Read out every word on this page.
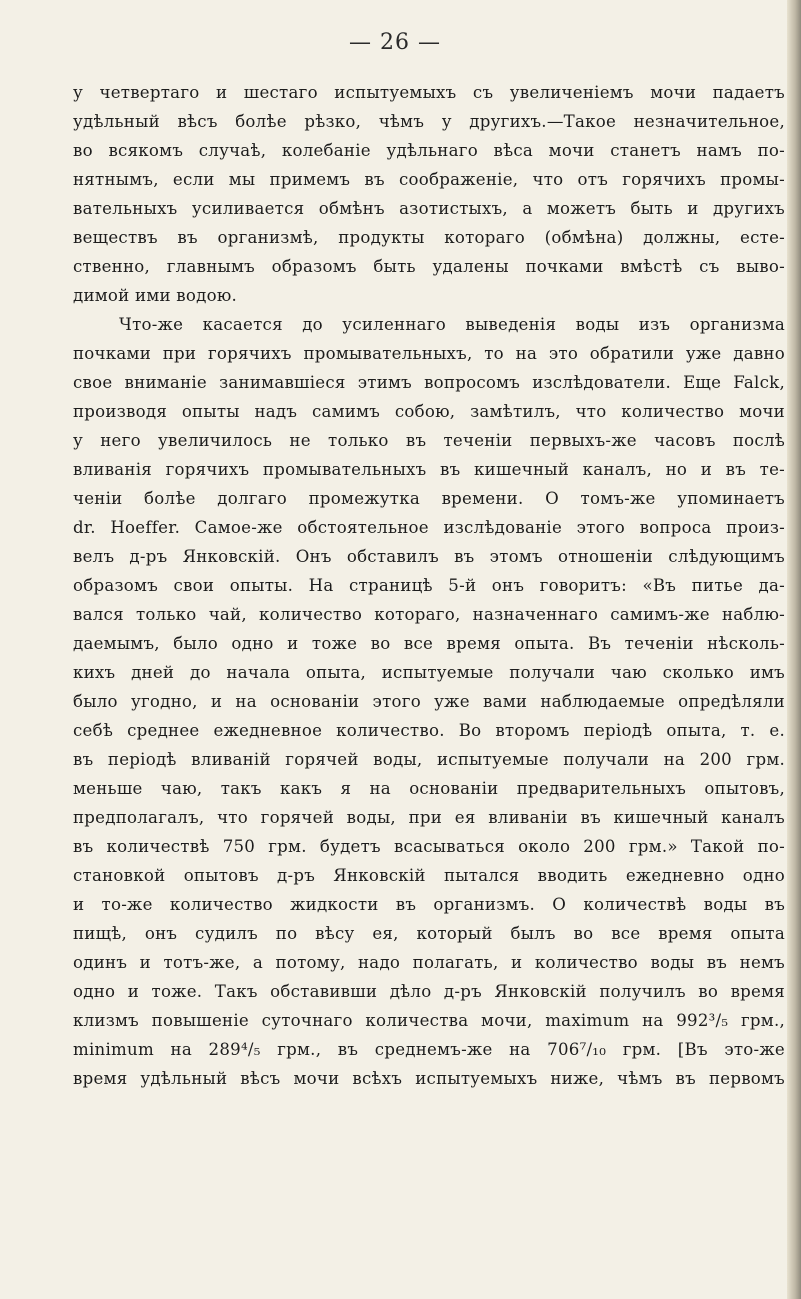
— 26 —
у четвертаго и шестаго испытуемыхъ съ увеличеніемъ мочи падаетъ
удѣльный вѣсъ болѣе рѣзко, чѣмъ у другихъ.—Такое незначительное,
во всякомъ случаѣ, колебаніе удѣльнаго вѣса мочи станетъ намъ по-
нятнымъ, если мы примемъ въ соображеніе, что отъ горячихъ промы-
вательныхъ усиливается обмѣнъ азотистыхъ, а можетъ быть и другихъ
веществъ въ организмѣ, продукты котораго (обмѣна) должны, есте-
ственно, главнымъ образомъ быть удалены почками вмѣстѣ съ выво-
димой ими водою.
Что-же касается до усиленнаго выведенія воды изъ организма
почками при горячихъ промывательныхъ, то на это обратили уже давно
свое вниманіе занимавшіеся этимъ вопросомъ изслѣдователи. Еще Falck,
производя опыты надъ самимъ собою, замѣтилъ, что количество мочи
у него увеличилось не только въ теченіи первыхъ-же часовъ послѣ
вливанія горячихъ промывательныхъ въ кишечный каналъ, но и въ те-
ченіи болѣе долгаго промежутка времени. О томъ-же упоминаетъ
dr. Hoeffer. Самое-же обстоятельное изслѣдованіе этого вопроса произ-
велъ д-ръ Янковскій. Онъ обставилъ въ этомъ отношеніи слѣдующимъ
образомъ свои опыты. На страницѣ 5-й онъ говоритъ: «Въ питье да-
вался только чай, количество котораго, назначеннаго самимъ-же наблю-
даемымъ, было одно и тоже во все время опыта. Въ теченіи нѣсколь-
кихъ дней до начала опыта, испытуемые получали чаю сколько имъ
было угодно, и на основаніи этого уже вами наблюдаемые опредѣляли
себѣ среднее ежедневное количество. Во второмъ періодѣ опыта, т. е.
въ періодѣ вливаній горячей воды, испытуемые получали на 200 грм.
меньше чаю, такъ какъ я на основаніи предварительныхъ опытовъ,
предполагалъ, что горячей воды, при ея вливаніи въ кишечный каналъ
въ количествѣ 750 грм. будетъ всасываться около 200 грм.» Такой по-
становкой опытовъ д-ръ Янковскій пытался вводить ежедневно одно
и то-же количество жидкости въ организмъ. О количествѣ воды въ
пищѣ, онъ судилъ по вѣсу ея, который былъ во все время опыта
одинъ и тотъ-же, а потому, надо полагать, и количество воды въ немъ
одно и тоже. Такъ обставивши дѣло д-ръ Янковскій получилъ во время
клизмъ повышеніе суточнаго количества мочи, maximum на 992³/₅ грм.,
minimum на 289⁴/₅ грм., въ среднемъ-же на 706⁷/₁₀ грм. [Въ это-же
время удѣльный вѣсъ мочи всѣхъ испытуемыхъ ниже, чѣмъ въ первомъ
